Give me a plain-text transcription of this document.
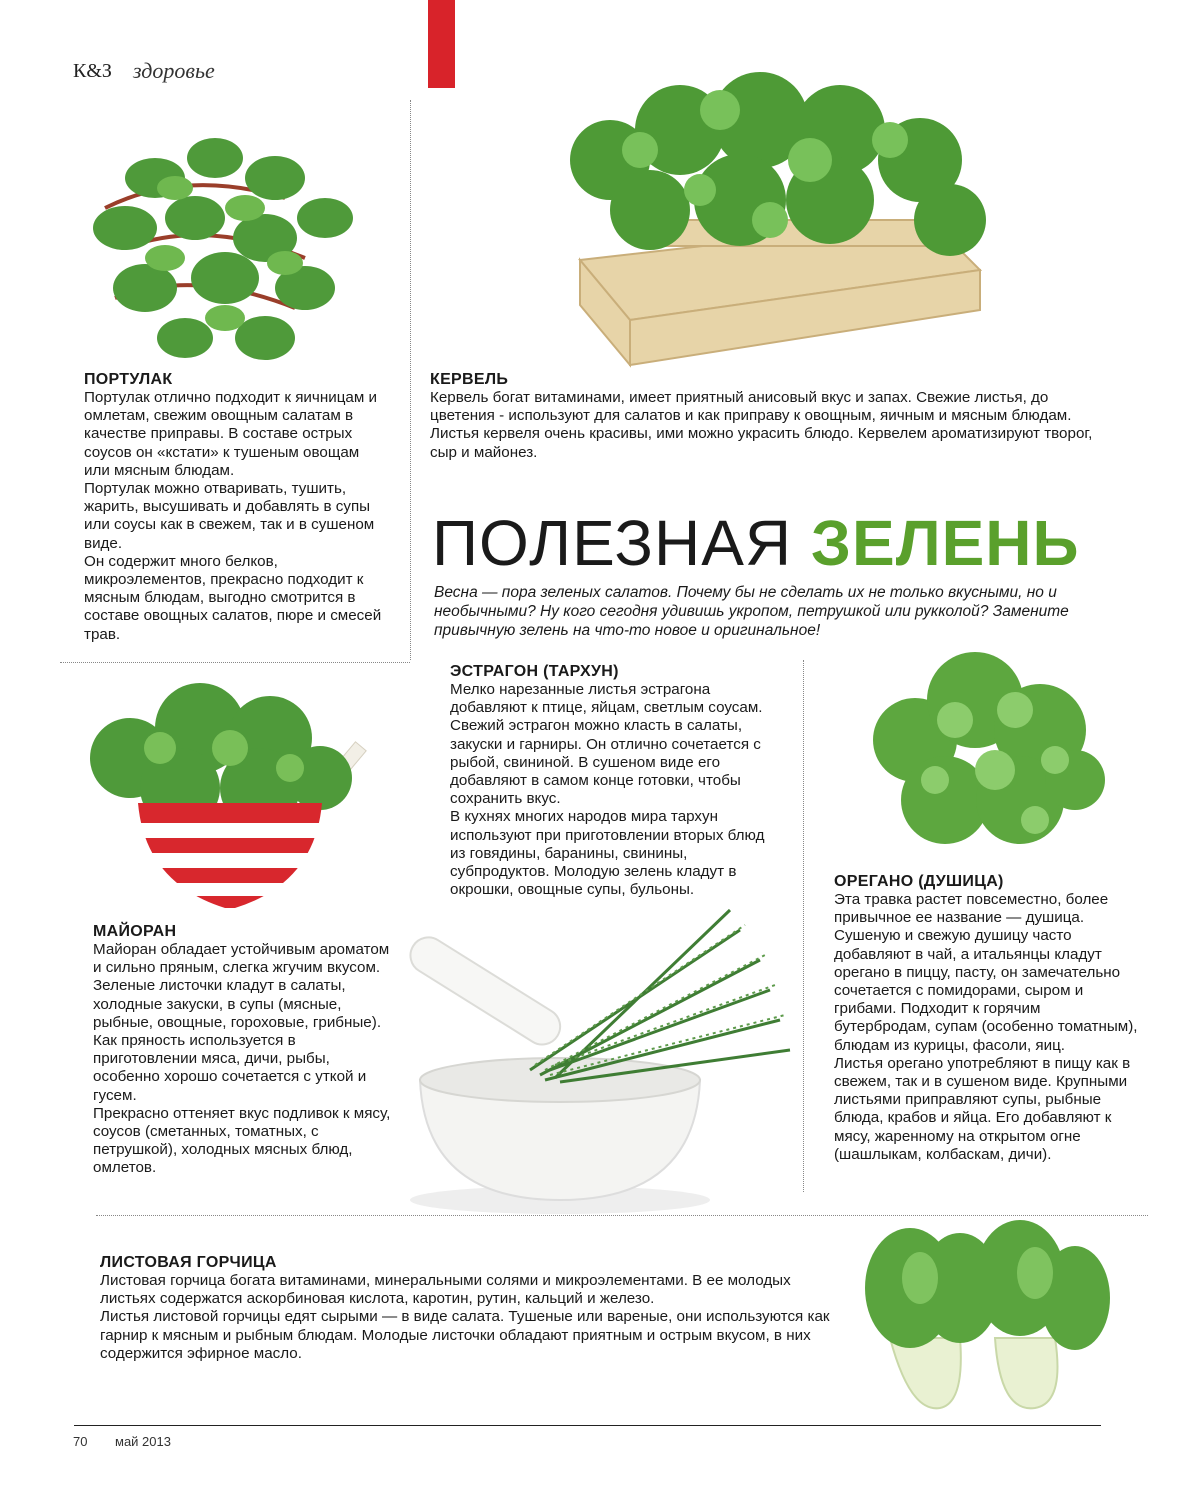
К&З здоровье

ПОРТУЛАК

Портулак отлично подходит к яичницам и омлетам, свежим овощным салатам в качестве приправы. В составе острых соусов он «кстати» к тушеным овощам или мясным блюдам.

Портулак можно отваривать, тушить, жарить, высушивать и добавлять в супы или соусы как в свежем, так и в сушеном виде.

Он содержит много белков, микроэлементов, прекрасно подходит к мясным блюдам, выгодно смотрится в составе овощных салатов, пюре и смесей трав.

КЕРВЕЛЬ

Кервель богат витаминами, имеет приятный анисовый вкус и запах. Свежие листья, до цветения - используют для салатов и как приправу к овощным, яичным и мясным блюдам.

Листья кервеля очень красивы, ими можно украсить блюдо. Кервелем ароматизируют творог, сыр и майонез.

ПОЛЕЗНАЯ ЗЕЛЕНЬ
Весна — пора зеленых салатов. Почему бы не сделать их не только вкусными, но и необычными? Ну кого сегодня удивишь укропом, петрушкой или рукколой? Замените привычную зелень на что-то новое и оригинальное!

ЭСТРАГОН (ТАРХУН)

Мелко нарезанные листья эстрагона добавляют к птице, яйцам, светлым соусам. Свежий эстрагон можно класть в салаты, закуски и гарниры. Он отлично сочетается с рыбой, свининой. В сушеном виде его добавляют в самом конце готовки, чтобы сохранить вкус.

В кухнях многих народов мира тархун используют при приготовлении вторых блюд из говядины, баранины, свинины, субпродуктов. Молодую зелень кладут в окрошки, овощные супы, бульоны.

МАЙОРАН

Майоран обладает устойчивым ароматом и сильно пряным, слегка жгучим вкусом. Зеленые листочки кладут в салаты, холодные закуски, в супы (мясные, рыбные, овощные, гороховые, грибные).

Как пряность используется в приготовлении мяса, дичи, рыбы, особенно хорошо сочетается с уткой и гусем.

Прекрасно оттеняет вкус подливок к мясу, соусов (сметанных, томатных, с петрушкой), холодных мясных блюд, омлетов.

ОРЕГАНО (ДУШИЦА)

Эта травка растет повсеместно, более привычное ее название — душица. Сушеную и свежую душицу часто добавляют в чай, а итальянцы кладут орегано в пиццу, пасту, он замечательно сочетается с помидорами, сыром и грибами. Подходит к горячим бутербродам, супам (особенно томатным), блюдам из курицы, фасоли, яиц.

Листья орегано употребляют в пищу как в свежем, так и в сушеном виде. Крупными листьями приправляют супы, рыбные блюда, крабов и яйца. Его добавляют к мясу, жаренному на открытом огне (шашлыкам, колбаскам, дичи).

ЛИСТОВАЯ ГОРЧИЦА

Листовая горчица богата витаминами, минеральными солями и микроэлементами. В ее молодых листьях содержатся аскорбиновая кислота, каротин, рутин, кальций и железо.

Листья листовой горчицы едят сырыми — в виде салата. Тушеные или вареные, они используются как гарнир к мясным и рыбным блюдам. Молодые листочки обладают приятным и острым вкусом, в них содержится эфирное масло.

70 май 2013
